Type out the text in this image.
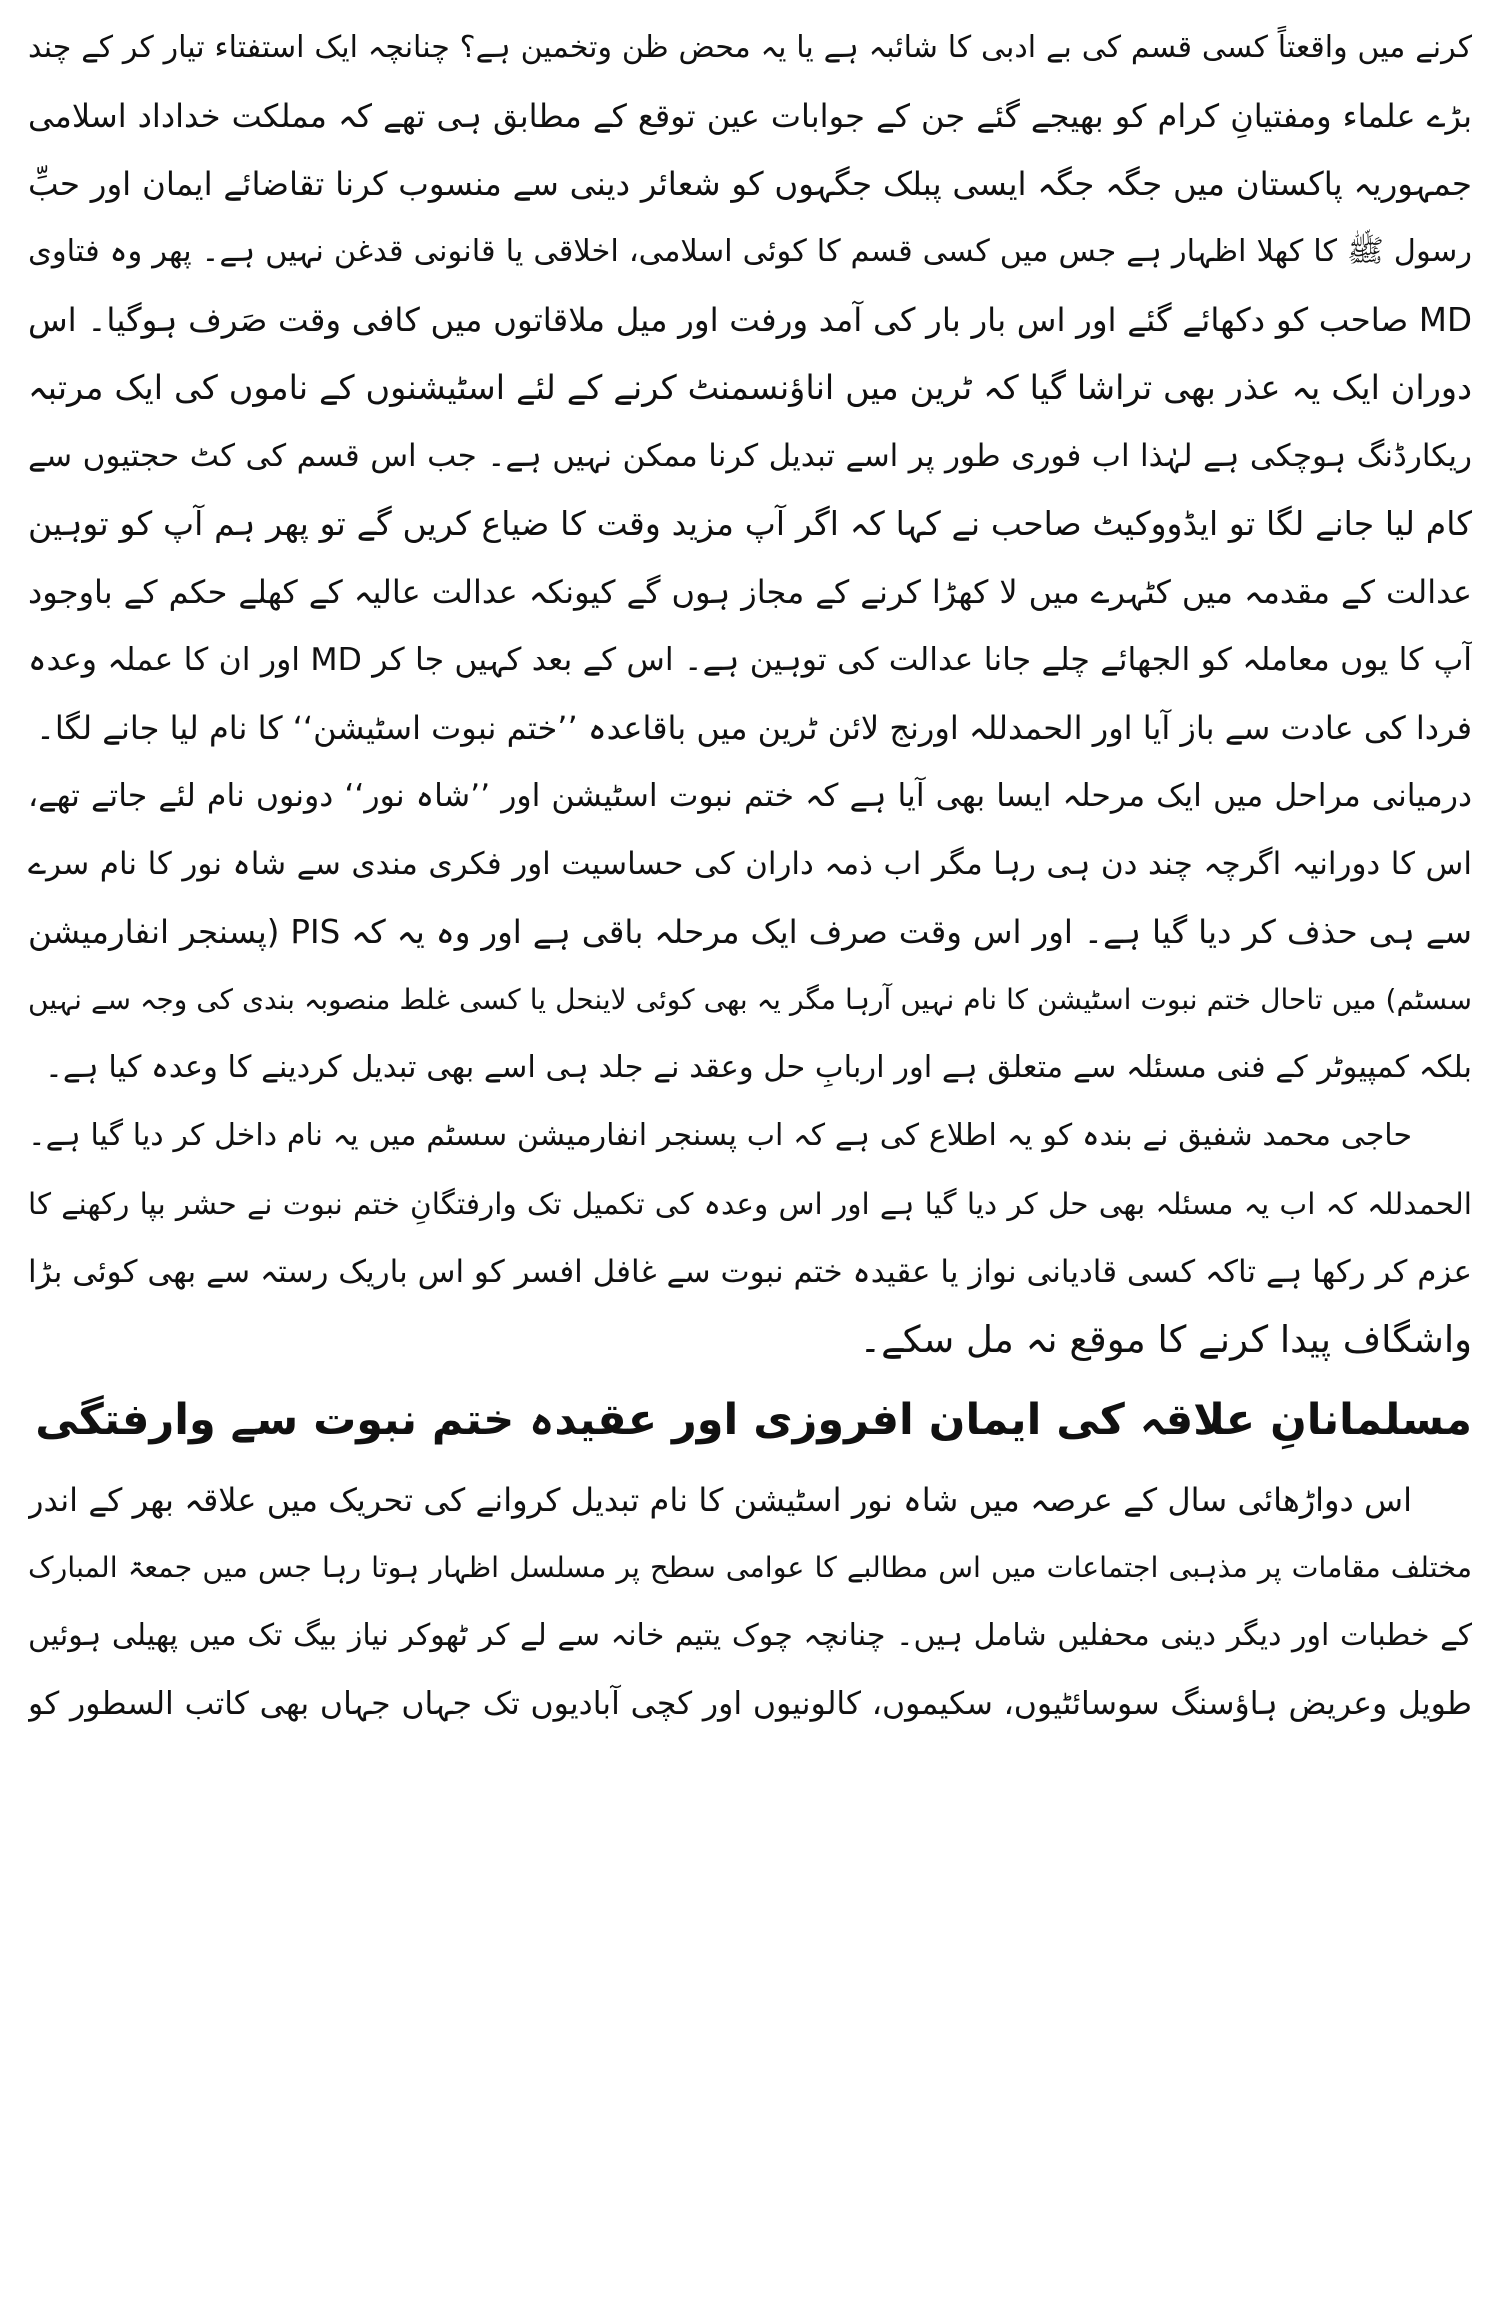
کرنے میں واقعتاً کسی قسم کی بے ادبی کا شائبہ ہے یا یہ محض ظن وتخمین ہے؟ چنانچہ ایک استفتاء تیار کر کے چند
بڑے علماء ومفتیانِ کرام کو بھیجے گئے جن کے جوابات عین توقع کے مطابق ہی تھے کہ مملکت خداداد اسلامی
جمہوریہ پاکستان میں جگہ جگہ ایسی پبلک جگہوں کو شعائر دینی سے منسوب کرنا تقاضائے ایمان اور حبِّ
رسول ﷺ کا کھلا اظہار ہے جس میں کسی قسم کا کوئی اسلامی، اخلاقی یا قانونی قدغن نہیں ہے۔ پھر وہ فتاوی
MD صاحب کو دکھائے گئے اور اس بار بار کی آمد ورفت اور میل ملاقاتوں میں کافی وقت صَرف ہوگیا۔ اس
دوران ایک یہ عذر بھی تراشا گیا کہ ٹرین میں اناؤنسمنٹ کرنے کے لئے اسٹیشنوں کے ناموں کی ایک مرتبہ
ریکارڈنگ ہوچکی ہے لہٰذا اب فوری طور پر اسے تبدیل کرنا ممکن نہیں ہے۔ جب اس قسم کی کٹ حجتیوں سے
کام لیا جانے لگا تو ایڈووکیٹ صاحب نے کہا کہ اگر آپ مزید وقت کا ضیاع کریں گے تو پھر ہم آپ کو توہین
عدالت کے مقدمہ میں کٹہرے میں لا کھڑا کرنے کے مجاز ہوں گے کیونکہ عدالت عالیہ کے کھلے حکم کے باوجود
آپ کا یوں معاملہ کو الجھائے چلے جانا عدالت کی توہین ہے۔ اس کے بعد کہیں جا کر MD اور ان کا عملہ وعدہ
فردا کی عادت سے باز آیا اور الحمدللہ اورنج لائن ٹرین میں باقاعدہ ’’ختم نبوت اسٹیشن‘‘ کا نام لیا جانے لگا۔
درمیانی مراحل میں ایک مرحلہ ایسا بھی آیا ہے کہ ختم نبوت اسٹیشن اور ’’شاہ نور‘‘ دونوں نام لئے جاتے تھے،
اس کا دورانیہ اگرچہ چند دن ہی رہا مگر اب ذمہ داران کی حساسیت اور فکری مندی سے شاہ نور کا نام سرے
سے ہی حذف کر دیا گیا ہے۔ اور اس وقت صرف ایک مرحلہ باقی ہے اور وہ یہ کہ PIS (پسنجر انفارمیشن
سسٹم) میں تاحال ختم نبوت اسٹیشن کا نام نہیں آرہا مگر یہ بھی کوئی لاینحل یا کسی غلط منصوبہ بندی کی وجہ سے نہیں
بلکہ کمپیوٹر کے فنی مسئلہ سے متعلق ہے اور اربابِ حل وعقد نے جلد ہی اسے بھی تبدیل کردینے کا وعدہ کیا ہے۔
حاجی محمد شفیق نے بندہ کو یہ اطلاع کی ہے کہ اب پسنجر انفارمیشن سسٹم میں یہ نام داخل کر دیا گیا ہے۔
الحمدللہ کہ اب یہ مسئلہ بھی حل کر دیا گیا ہے اور اس وعدہ کی تکمیل تک وارفتگانِ ختم نبوت نے حشر بپا رکھنے کا
عزم کر رکھا ہے تاکہ کسی قادیانی نواز یا عقیدہ ختم نبوت سے غافل افسر کو اس باریک رستہ سے بھی کوئی بڑا
واشگاف پیدا کرنے کا موقع نہ مل سکے۔
مسلمانانِ علاقہ کی ایمان افروزی اور عقیدہ ختم نبوت سے وارفتگی
اس دواڑھائی سال کے عرصہ میں شاہ نور اسٹیشن کا نام تبدیل کروانے کی تحریک میں علاقہ بھر کے اندر
مختلف مقامات پر مذہبی اجتماعات میں اس مطالبے کا عوامی سطح پر مسلسل اظہار ہوتا رہا جس میں جمعۃ المبارک
کے خطبات اور دیگر دینی محفلیں شامل ہیں۔ چنانچہ چوک یتیم خانہ سے لے کر ٹھوکر نیاز بیگ تک میں پھیلی ہوئیں
طویل وعریض ہاؤسنگ سوسائٹیوں، سکیموں، کالونیوں اور کچی آبادیوں تک جہاں جہاں بھی کاتب السطور کو
